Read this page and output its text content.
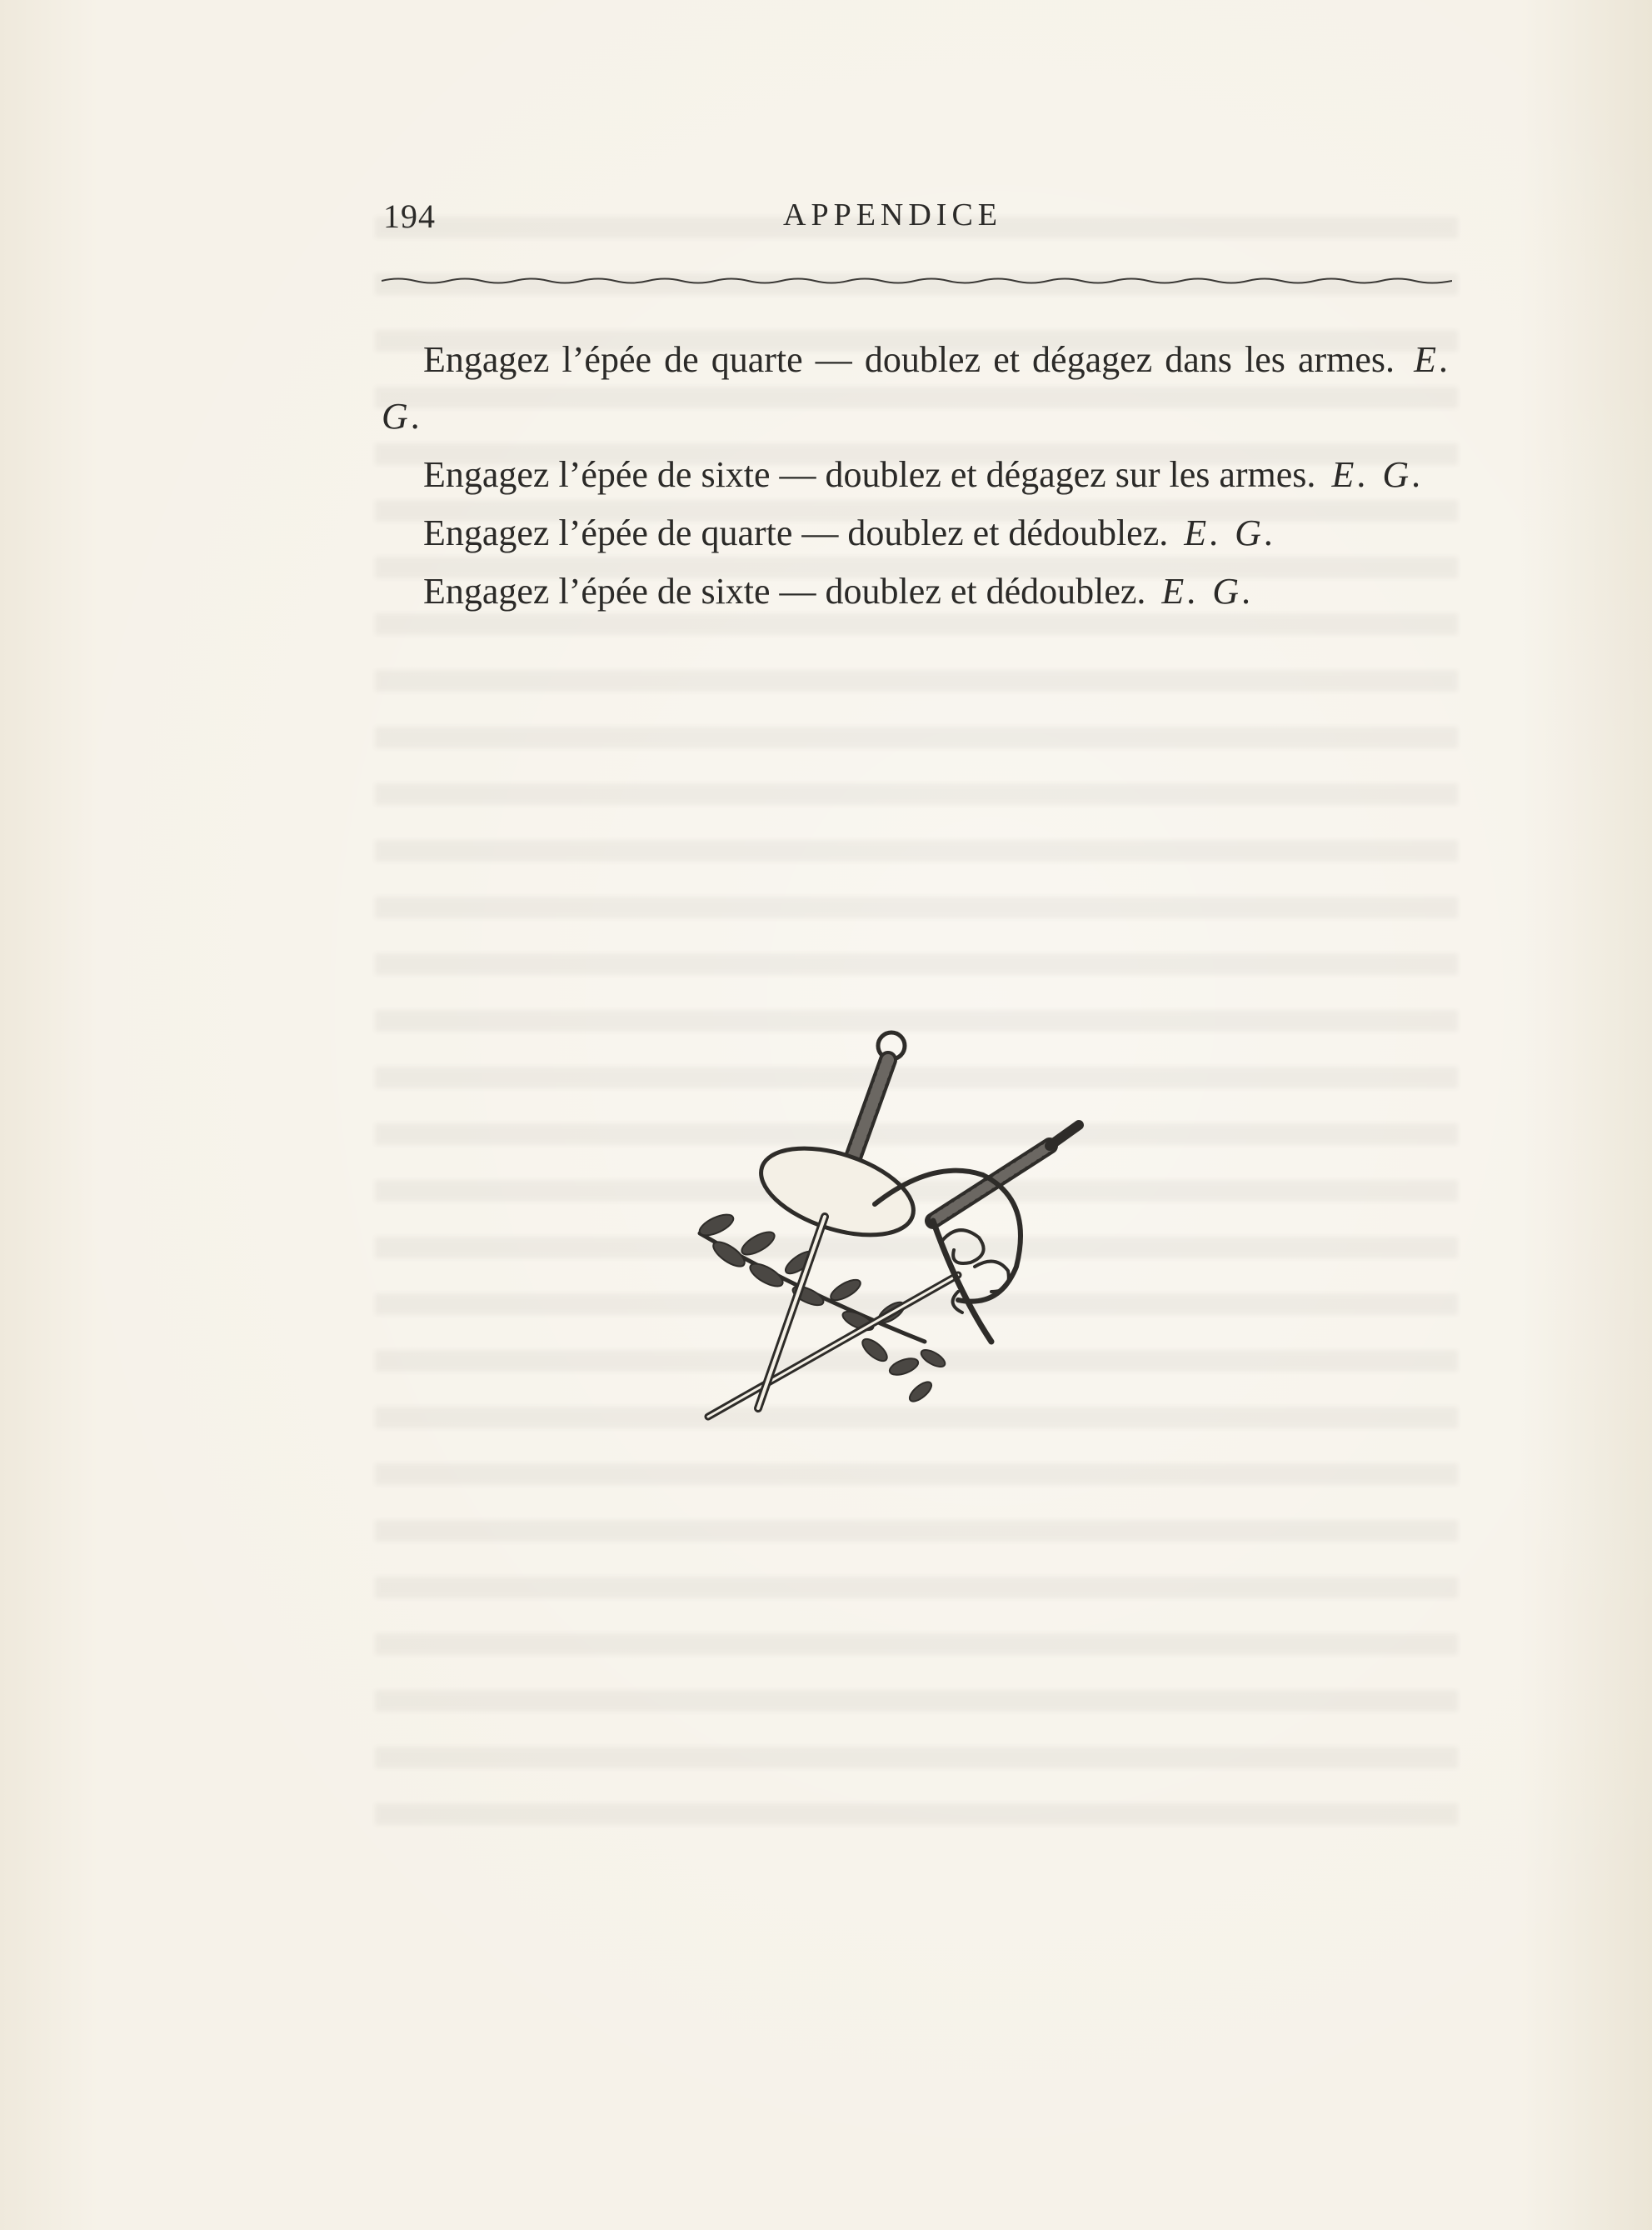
194	APPENDICE

Engagez l’épée de quarte — doublez et dégagez dans les armes. E. G.

Engagez l’épée de sixte — doublez et dégagez sur les armes. E. G.

Engagez l’épée de quarte — doublez et dédoublez. E. G.

Engagez l’épée de sixte — doublez et dédoublez. E. G.
